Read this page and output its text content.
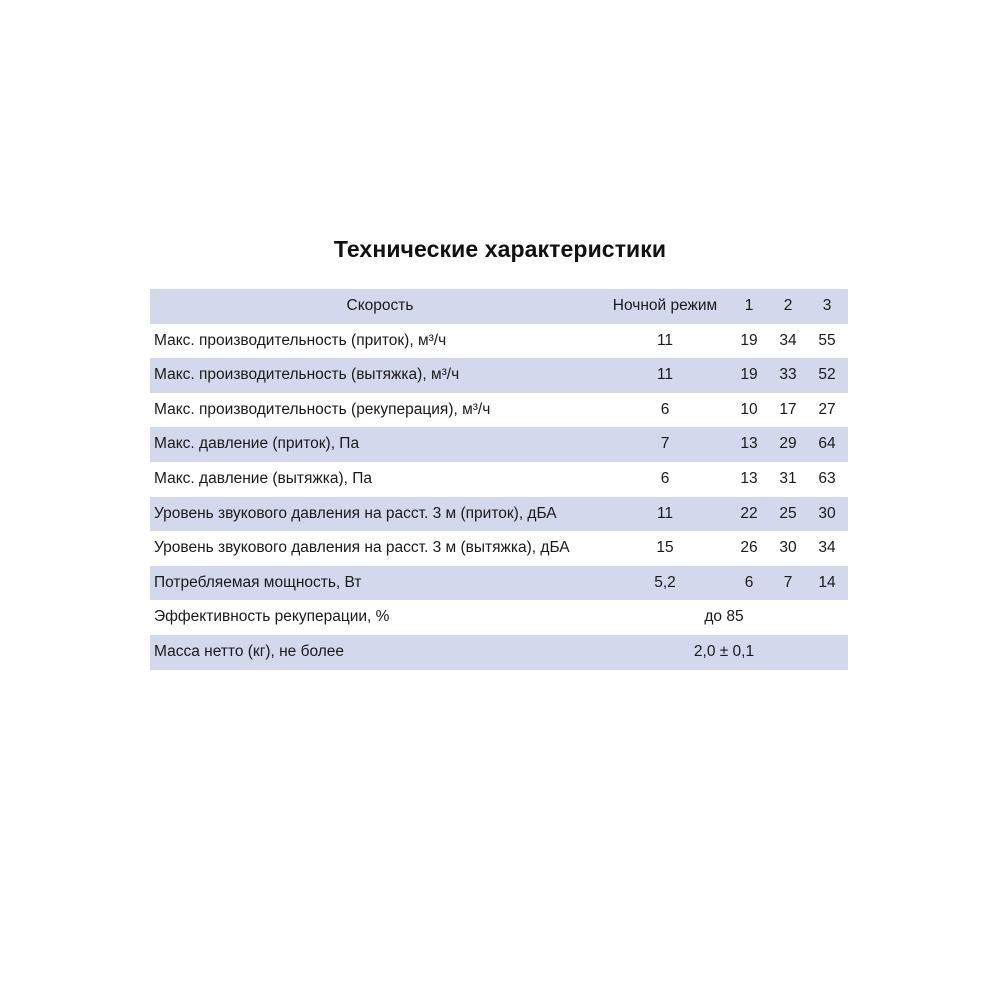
Технические характеристики
Скорость	Ночной режим	1	2	3
Макс. производительность (приток), м³/ч	11	19	34	55
Макс. производительность (вытяжка), м³/ч	11	19	33	52
Макс. производительность (рекуперация), м³/ч	6	10	17	27
Макс. давление (приток), Па	7	13	29	64
Макс. давление (вытяжка), Па	6	13	31	63
Уровень звукового давления на расст. 3 м (приток), дБА	11	22	25	30
Уровень звукового давления на расст. 3 м (вытяжка), дБА	15	26	30	34
Потребляемая мощность, Вт	5,2	6	7	14
Эффективность рекуперации, %	до 85
Масса нетто (кг), не более	2,0 ± 0,1
